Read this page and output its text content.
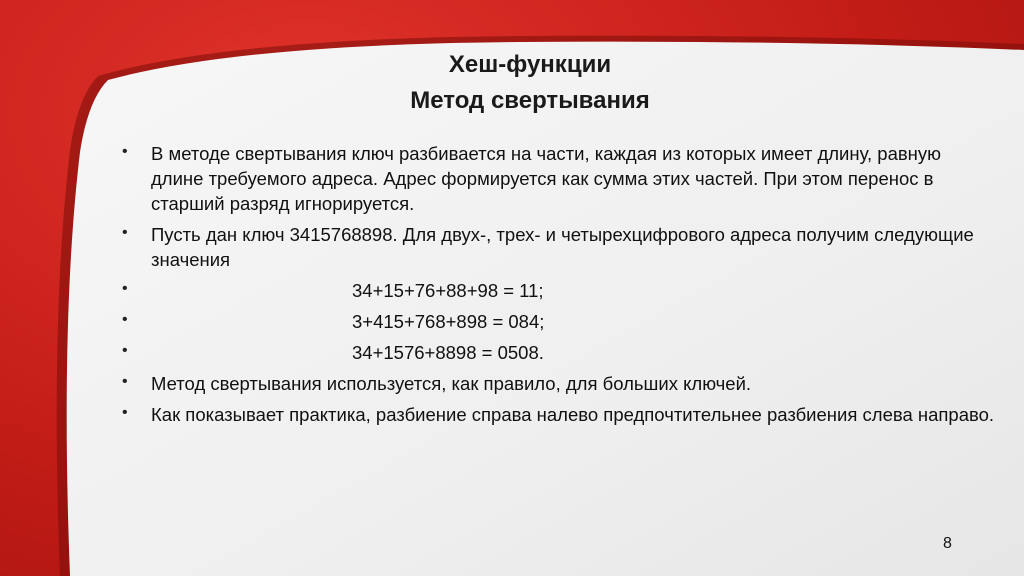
Хеш-функции
Метод свертывания
• В методе свертывания ключ разбивается на части, каждая из которых имеет длину, равную длине требуемого адреса. Адрес формируется как сумма этих частей. При этом перенос в старший разряд игнорируется.
• Пусть дан ключ 3415768898. Для двух-, трех- и четырехцифрового адреса получим следующие значения
•	34+15+76+88+98 = 11;
•	3+415+768+898 = 084;
•	34+1576+8898 = 0508.
• Метод свертывания используется, как правило, для больших ключей.
• Как показывает практика, разбиение справа налево предпочтительнее разбиения слева направо.
8
